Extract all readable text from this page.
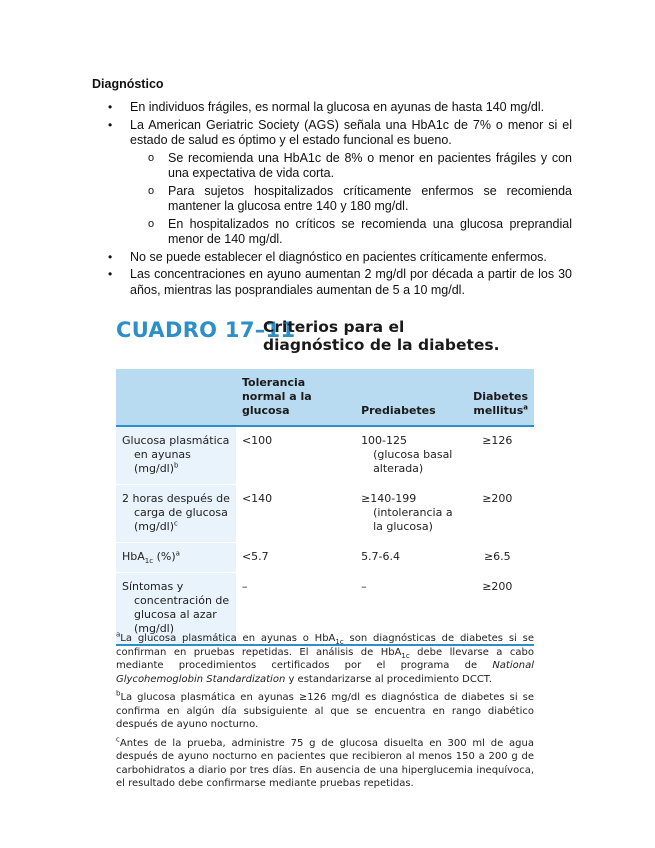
Diagnóstico
• En individuos frágiles, es normal la glucosa en ayunas de hasta 140 mg/dl.
• La American Geriatric Society (AGS) señala una HbA1c de 7% o menor si el estado de salud es óptimo y el estado funcional es bueno.
o Se recomienda una HbA1c de 8% o menor en pacientes frágiles y con una expectativa de vida corta.
o Para sujetos hospitalizados críticamente enfermos se recomienda mantener la glucosa entre 140 y 180 mg/dl.
o En hospitalizados no críticos se recomienda una glucosa preprandial menor de 140 mg/dl.
• No se puede establecer el diagnóstico en pacientes críticamente enfermos.
• Las concentraciones en ayuno aumentan 2 mg/dl por década a partir de los 30 años, mientras las posprandiales aumentan de 5 a 10 mg/dl.
CUADRO 17–11
Criterios para el diagnóstico de la diabetes.
	Tolerancia normal a la glucosa	Prediabetes	Diabetes mellitus$^a$
Glucosa plasmática en ayunas $(mg/dl)^b$	<100	100-125 (glucosa basal alterada)	≥126
2 horas después de carga de glucosa $(mg/dl)^c$	<140	≥140-199 (intolerancia a la glucosa)	≥200
HbA$_{1c}$ (%)$^a$	<5.7	5.7-6.4	≥6.5
Síntomas y concentración de glucosa al azar (mg/dl)	–	–	≥200

$^a$La glucosa plasmática en ayunas o HbA$_{1c}$ son diagnósticas de diabetes si se confirman en pruebas repetidas. El análisis de HbA$_{1c}$ debe llevarse a cabo mediante procedimientos certificados por el programa de National Glycohemoglobin Standardization y estandarizarse al procedimiento DCCT.

$^b$La glucosa plasmática en ayunas ≥126 mg/dl es diagnóstica de diabetes si se confirma en algún día subsiguiente al que se encuentra en rango diabético después de ayuno nocturno.

$^c$Antes de la prueba, administre 75 g de glucosa disuelta en 300 ml de agua después de ayuno nocturno en pacientes que recibieron al menos 150 a 200 g de carbohidratos a diario por tres días. En ausencia de una hiperglucemia inequívoca, el resultado debe confirmarse mediante pruebas repetidas.
